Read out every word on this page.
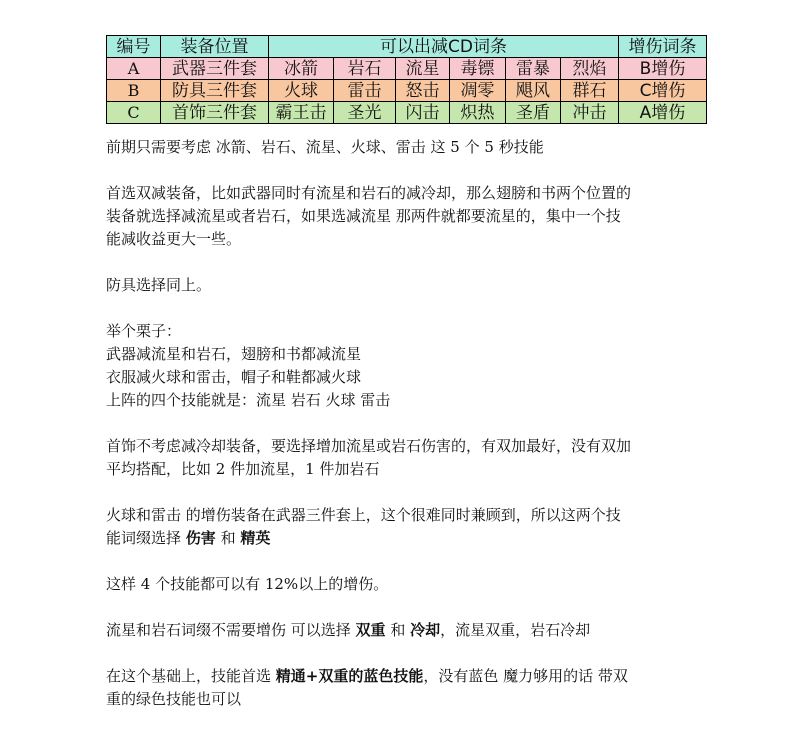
编号	装备位置	可以出减CD词条						增伤词条
A	武器三件套	冰箭	岩石	流星	毒镖	雷暴	烈焰	B增伤
B	防具三件套	火球	雷击	怒击	凋零	飓风	群石	C增伤
C	首饰三件套	霸王击	圣光	闪击	炽热	圣盾	冲击	A增伤

前期只需要考虑 冰箭、岩石、流星、火球、雷击 这 5 个 5 秒技能

首选双减装备，比如武器同时有流星和岩石的减冷却，那么翅膀和书两个位置的

装备就选择减流星或者岩石，如果选减流星 那两件就都要流星的，集中一个技

能减收益更大一些。

防具选择同上。

举个栗子：

武器减流星和岩石，翅膀和书都减流星

衣服减火球和雷击，帽子和鞋都减火球

上阵的四个技能就是：流星 岩石 火球 雷击

首饰不考虑减冷却装备，要选择增加流星或岩石伤害的，有双加最好，没有双加

平均搭配，比如 2 件加流星，1 件加岩石

火球和雷击 的增伤装备在武器三件套上，这个很难同时兼顾到，所以这两个技

能词缀选择 伤害 和 精英

这样 4 个技能都可以有 12%以上的增伤。

流星和岩石词缀不需要增伤 可以选择 双重 和 冷却，流星双重，岩石冷却

在这个基础上，技能首选 精通+双重的蓝色技能，没有蓝色 魔力够用的话 带双

重的绿色技能也可以
